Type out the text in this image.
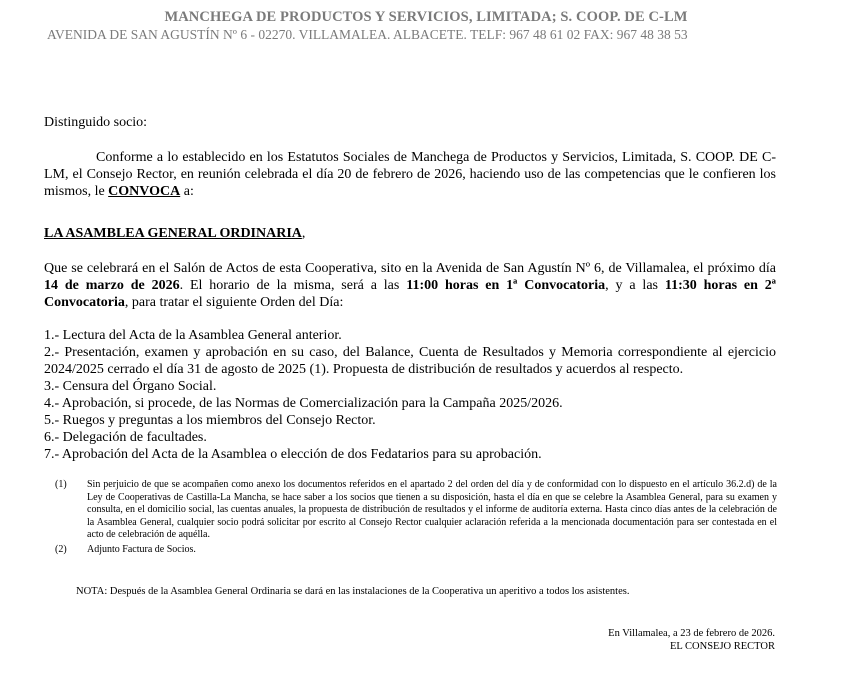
MANCHEGA DE PRODUCTOS Y SERVICIOS, LIMITADA; S. COOP. DE C-LM
AVENIDA DE SAN AGUSTÍN Nº 6 - 02270. VILLAMALEA. ALBACETE. TELF: 967 48 61 02 FAX: 967 48 38 53
Distinguido socio:
Conforme a lo establecido en los Estatutos Sociales de Manchega de Productos y Servicios, Limitada, S. COOP. DE C-LM, el Consejo Rector, en reunión celebrada el día 20 de febrero de 2026, haciendo uso de las competencias que le confieren los mismos, le CONVOCA a:
LA ASAMBLEA GENERAL ORDINARIA,
Que se celebrará en el Salón de Actos de esta Cooperativa, sito en la Avenida de San Agustín Nº 6, de Villamalea, el próximo día 14 de marzo de 2026. El horario de la misma, será a las 11:00 horas en 1ª Convocatoria, y a las 11:30 horas en 2ª Convocatoria, para tratar el siguiente Orden del Día:
1.- Lectura del Acta de la Asamblea General anterior.
2.- Presentación, examen y aprobación en su caso, del Balance, Cuenta de Resultados y Memoria correspondiente al ejercicio 2024/2025 cerrado el día 31 de agosto de 2025 (1). Propuesta de distribución de resultados y acuerdos al respecto.
3.- Censura del Órgano Social.
4.- Aprobación, si procede, de las Normas de Comercialización para la Campaña 2025/2026.
5.- Ruegos y preguntas a los miembros del Consejo Rector.
6.- Delegación de facultades.
7.- Aprobación del Acta de la Asamblea o elección de dos Fedatarios para su aprobación.
(1)	Sin perjuicio de que se acompañen como anexo los documentos referidos en el apartado 2 del orden del día y de conformidad con lo dispuesto en el artículo 36.2.d) de la Ley de Cooperativas de Castilla-La Mancha, se hace saber a los socios que tienen a su disposición, hasta el día en que se celebre la Asamblea General, para su examen y consulta, en el domicilio social, las cuentas anuales, la propuesta de distribución de resultados y el informe de auditoría externa. Hasta cinco días antes de la celebración de la Asamblea General, cualquier socio podrá solicitar por escrito al Consejo Rector cualquier aclaración referida a la mencionada documentación para ser contestada en el acto de celebración de aquélla.
(2)	Adjunto Factura de Socios.
NOTA: Después de la Asamblea General Ordinaria se dará en las instalaciones de la Cooperativa un aperitivo a todos los asistentes.
En Villamalea, a 23 de febrero de 2026.
EL CONSEJO RECTOR
